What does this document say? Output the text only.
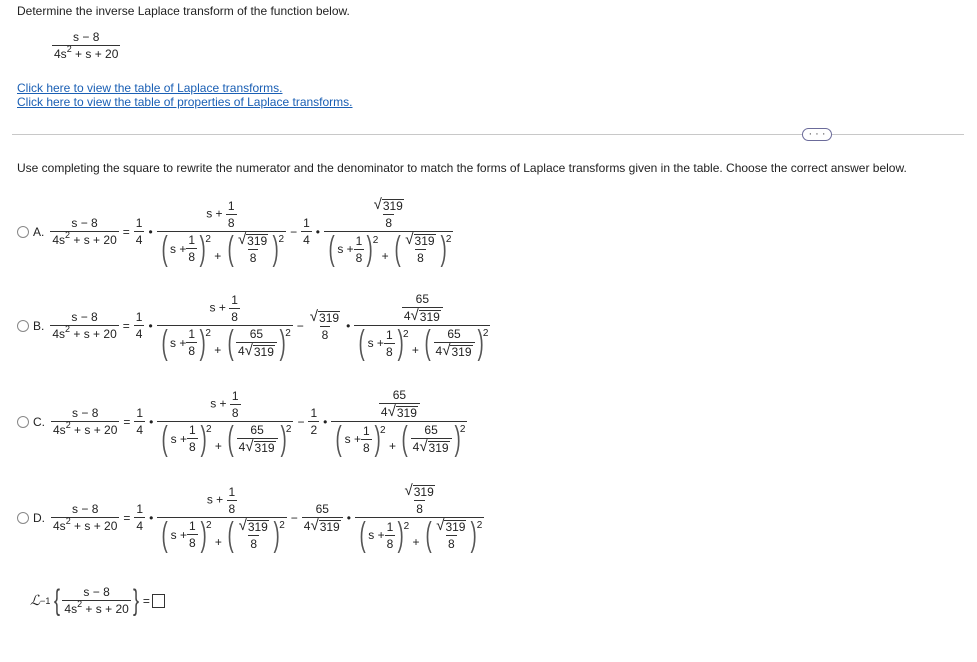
Determine the inverse Laplace transform of the function below.
$\frac{s - 8}{4s^2 + s + 20}$
Click here to view the table of Laplace transforms.
Click here to view the table of properties of Laplace transforms.
· · ·
Use completing the square to rewrite the numerator and the denominator to match the forms of Laplace transforms given in the table. Choose the correct answer below.
A. $\frac{s - 8}{4s^2 + s + 20} = \frac{1}{4}$ • $s + \frac{1}{8}$
( $s + \frac{1}{8}$ ) 2
+ ( √ 319
8 ) $2 - \frac{1}{4}$ • $\frac{√ 319}{8}$
( $s + \frac{1}{8}$ ) 2
+ ( √ 319
8 ) 2
B. $\frac{s - 8}{4s^2 + s + 20} = \frac{1}{4}$ •
$s + \frac{1}{8}$
( $s + \frac{1}{8}$ ) 2
+ ( 65
4 √ 319 ) 2
− $\frac{√ 319}{8}$ •
$\frac{65}{4 √ 319}$
( $s + \frac{1}{8}$ ) 2
+ ( 65
4 √ 319 ) 2
C. $\frac{s - 8}{4s^2 + s + 20} = \frac{1}{4}$ •
$s + \frac{1}{8}$
( $s + \frac{1}{8}$ ) 2
+ ( 65
4 √ 319 ) 2
− $\frac{1}{2}$ •
$\frac{65}{4 √ 319}$
( $s + \frac{1}{8}$ ) 2
+ ( 65
4 √ 319 ) 2
D. $\frac{s - 8}{4s^2 + s + 20} = \frac{1}{4}$ •
$s + \frac{1}{8}$
( $s + \frac{1}{8}$ ) 2
+ ( √ 319
8 ) 2
− $\frac{65}{4 √ 319}$ •
$\frac{√ 319}{8}$
( $s + \frac{1}{8}$ ) 2
+ ( √ 319
8 ) 2
ℒ −1 { s − 8
$4s^2 + s + 20$ } =
